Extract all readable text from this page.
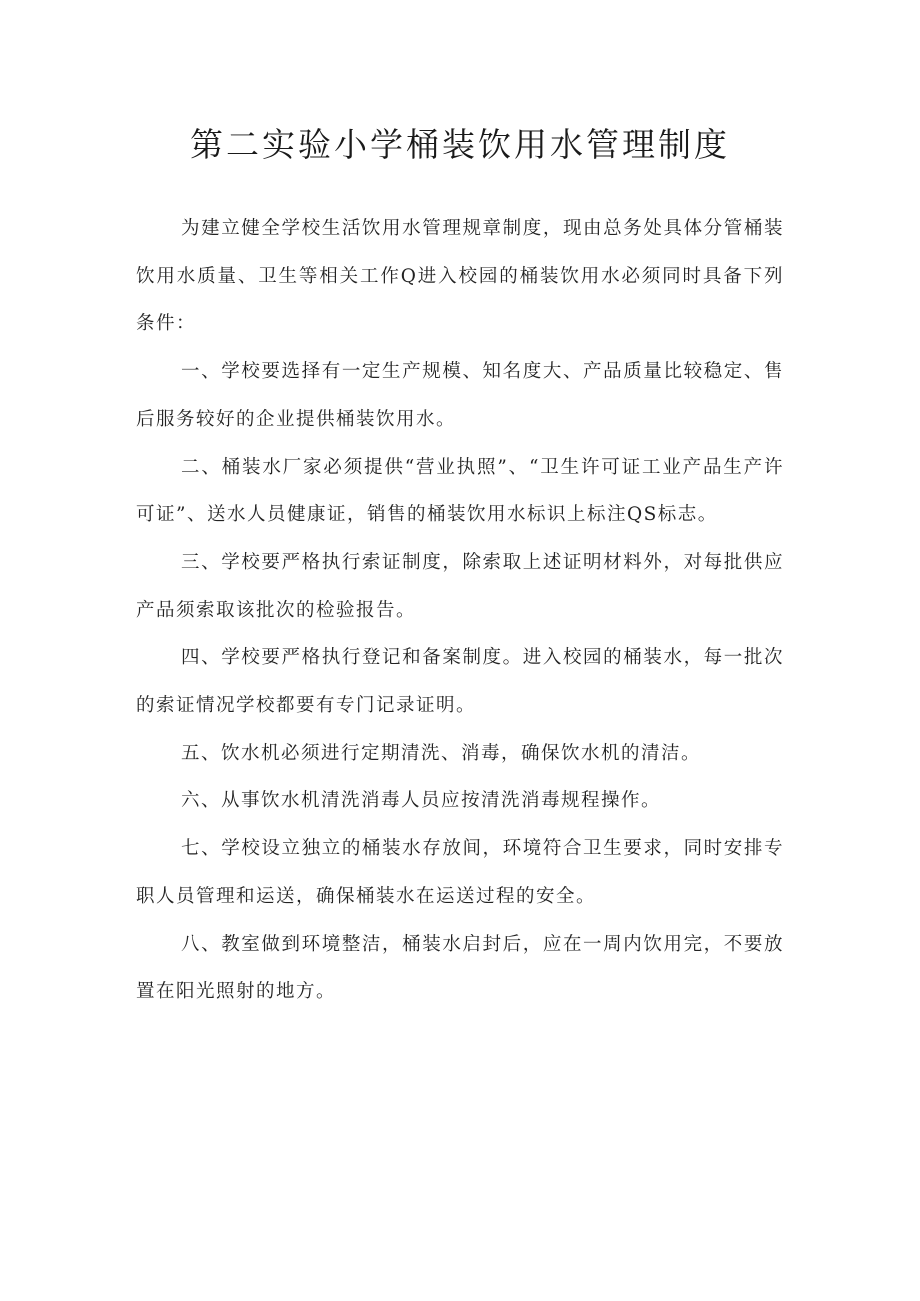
第二实验小学桶装饮用水管理制度

为建立健全学校生活饮用水管理规章制度，现由总务处具体分管桶装饮用水质量、卫生等相关工作Q进入校园的桶装饮用水必须同时具备下列条件：

一、学校要选择有一定生产规模、知名度大、产品质量比较稳定、售后服务较好的企业提供桶装饮用水。

二、桶装水厂家必须提供“营业执照”、“卫生许可证工业产品生产许可证”、送水人员健康证，销售的桶装饮用水标识上标注QS标志。

三、学校要严格执行索证制度，除索取上述证明材料外，对每批供应产品须索取该批次的检验报告。

四、学校要严格执行登记和备案制度。进入校园的桶装水，每一批次的索证情况学校都要有专门记录证明。

五、饮水机必须进行定期清洗、消毒，确保饮水机的清洁。

六、从事饮水机清洗消毒人员应按清洗消毒规程操作。

七、学校设立独立的桶装水存放间，环境符合卫生要求，同时安排专职人员管理和运送，确保桶装水在运送过程的安全。

八、教室做到环境整洁，桶装水启封后，应在一周内饮用完，不要放置在阳光照射的地方。
